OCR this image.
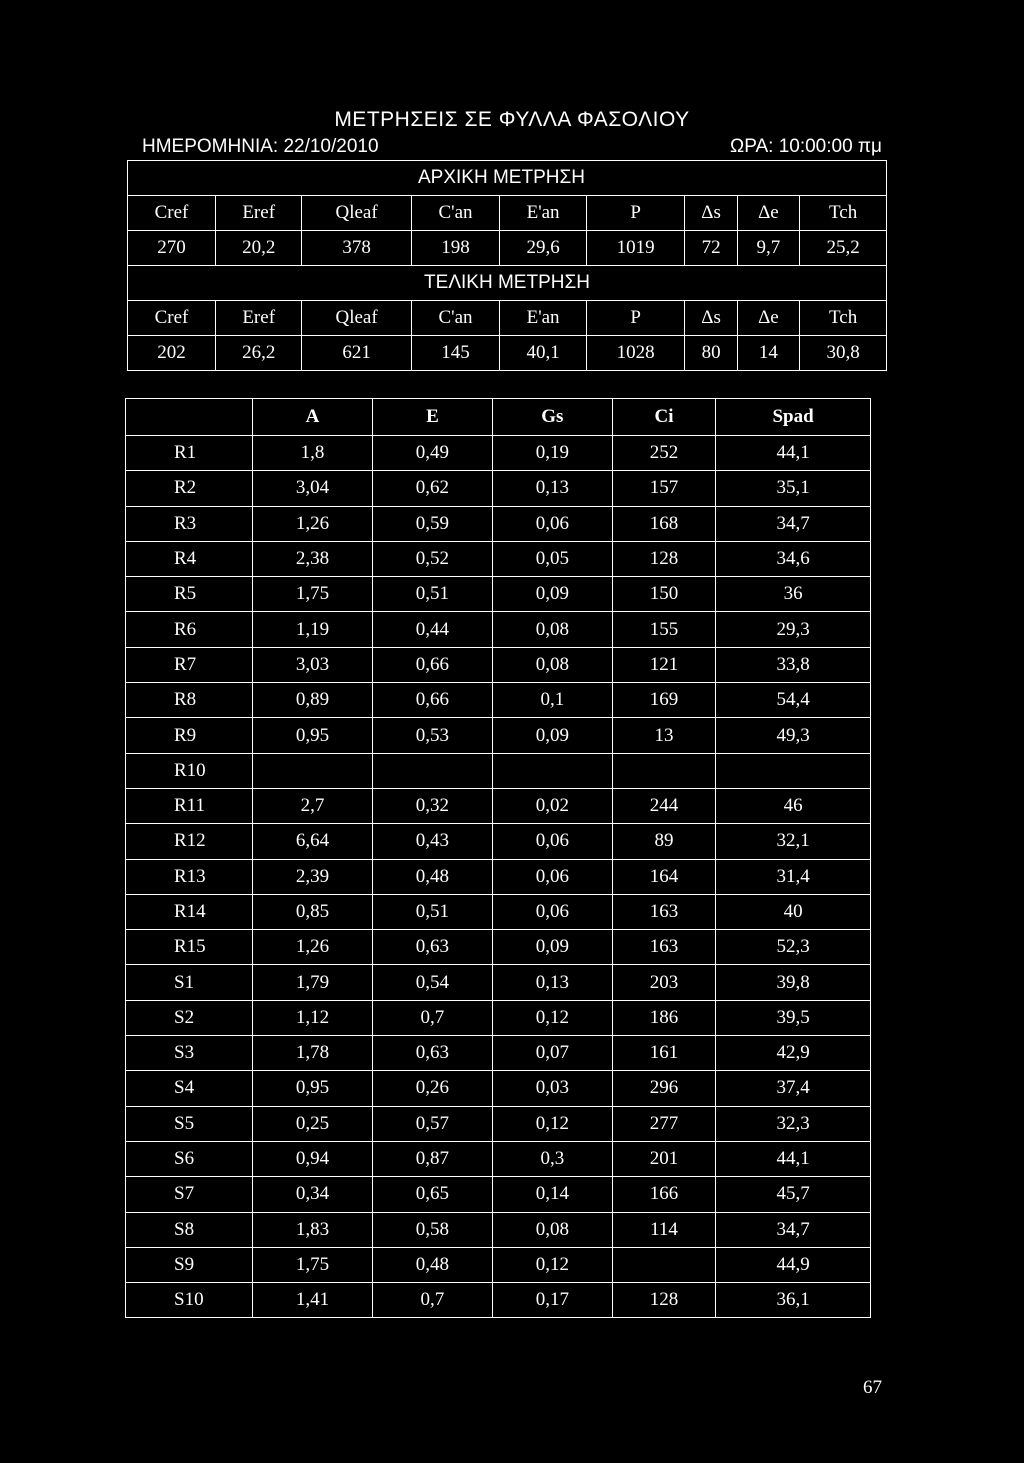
ΜΕΤΡΗΣΕΙΣ ΣΕ ΦΥΛΛΑ ΦΑΣΟΛΙΟΥ
ΗΜΕΡΟΜΗΝΙΑ: 22/10/2010	ΩΡΑ: 10:00:00 πμ
ΑΡΧΙΚΗ ΜΕΤΡΗΣΗ								
Cref	Eref	Qleaf	C'an	E'an	P	Δs	Δe	Tch
270	20,2	378	198	29,6	1019	72	9,7	25,2
ΤΕΛΙΚΗ ΜΕΤΡΗΣΗ								
Cref	Eref	Qleaf	C'an	E'an	P	Δs	Δe	Tch
202	26,2	621	145	40,1	1028	80	14	30,8
	A	E	Gs	Ci	Spad
R1	1,8	0,49	0,19	252	44,1
R2	3,04	0,62	0,13	157	35,1
R3	1,26	0,59	0,06	168	34,7
R4	2,38	0,52	0,05	128	34,6
R5	1,75	0,51	0,09	150	36
R6	1,19	0,44	0,08	155	29,3
R7	3,03	0,66	0,08	121	33,8
R8	0,89	0,66	0,1	169	54,4
R9	0,95	0,53	0,09	13	49,3
R10					
R11	2,7	0,32	0,02	244	46
R12	6,64	0,43	0,06	89	32,1
R13	2,39	0,48	0,06	164	31,4
R14	0,85	0,51	0,06	163	40
R15	1,26	0,63	0,09	163	52,3
S1	1,79	0,54	0,13	203	39,8
S2	1,12	0,7	0,12	186	39,5
S3	1,78	0,63	0,07	161	42,9
S4	0,95	0,26	0,03	296	37,4
S5	0,25	0,57	0,12	277	32,3
S6	0,94	0,87	0,3	201	44,1
S7	0,34	0,65	0,14	166	45,7
S8	1,83	0,58	0,08	114	34,7
S9	1,75	0,48	0,12		44,9
S10	1,41	0,7	0,17	128	36,1
67
